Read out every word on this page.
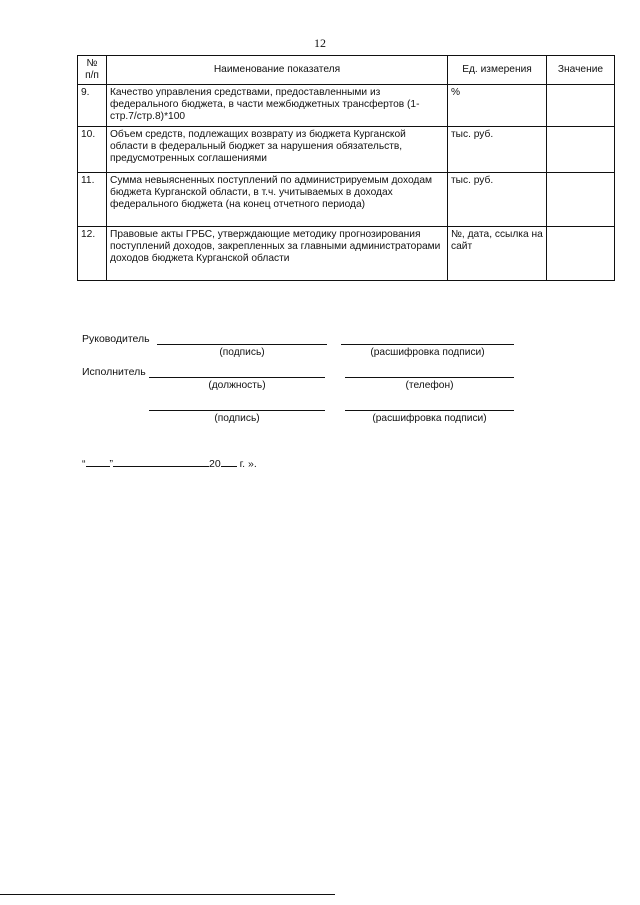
12
№
п/п	Наименование показателя	Ед. измерения	Значение
9.	Качество управления средствами, предоставленными из федерального бюджета, в части межбюджетных трансфертов (1-стр.7/стр.8)*100	%	
10.	Объем средств, подлежащих возврату из бюджета Курганской области в федеральный бюджет за нарушения обязательств, предусмотренных соглашениями	тыс. руб.	
11.	Сумма невыясненных поступлений по администрируемым доходам бюджета Курганской области, в т.ч. учитываемых в доходах федерального бюджета (на конец отчетного периода)	тыс. руб.	
12.	Правовые акты ГРБС, утверждающие методику прогнозирования поступлений доходов, закрепленных за главными администраторами доходов бюджета Курганской области	№, дата, ссылка на сайт	
Руководитель
(подпись)	(расшифровка подписи)
Исполнитель
(должность)	(телефон)
(подпись)	(расшифровка подписи)
“ ”	20 г. ».
